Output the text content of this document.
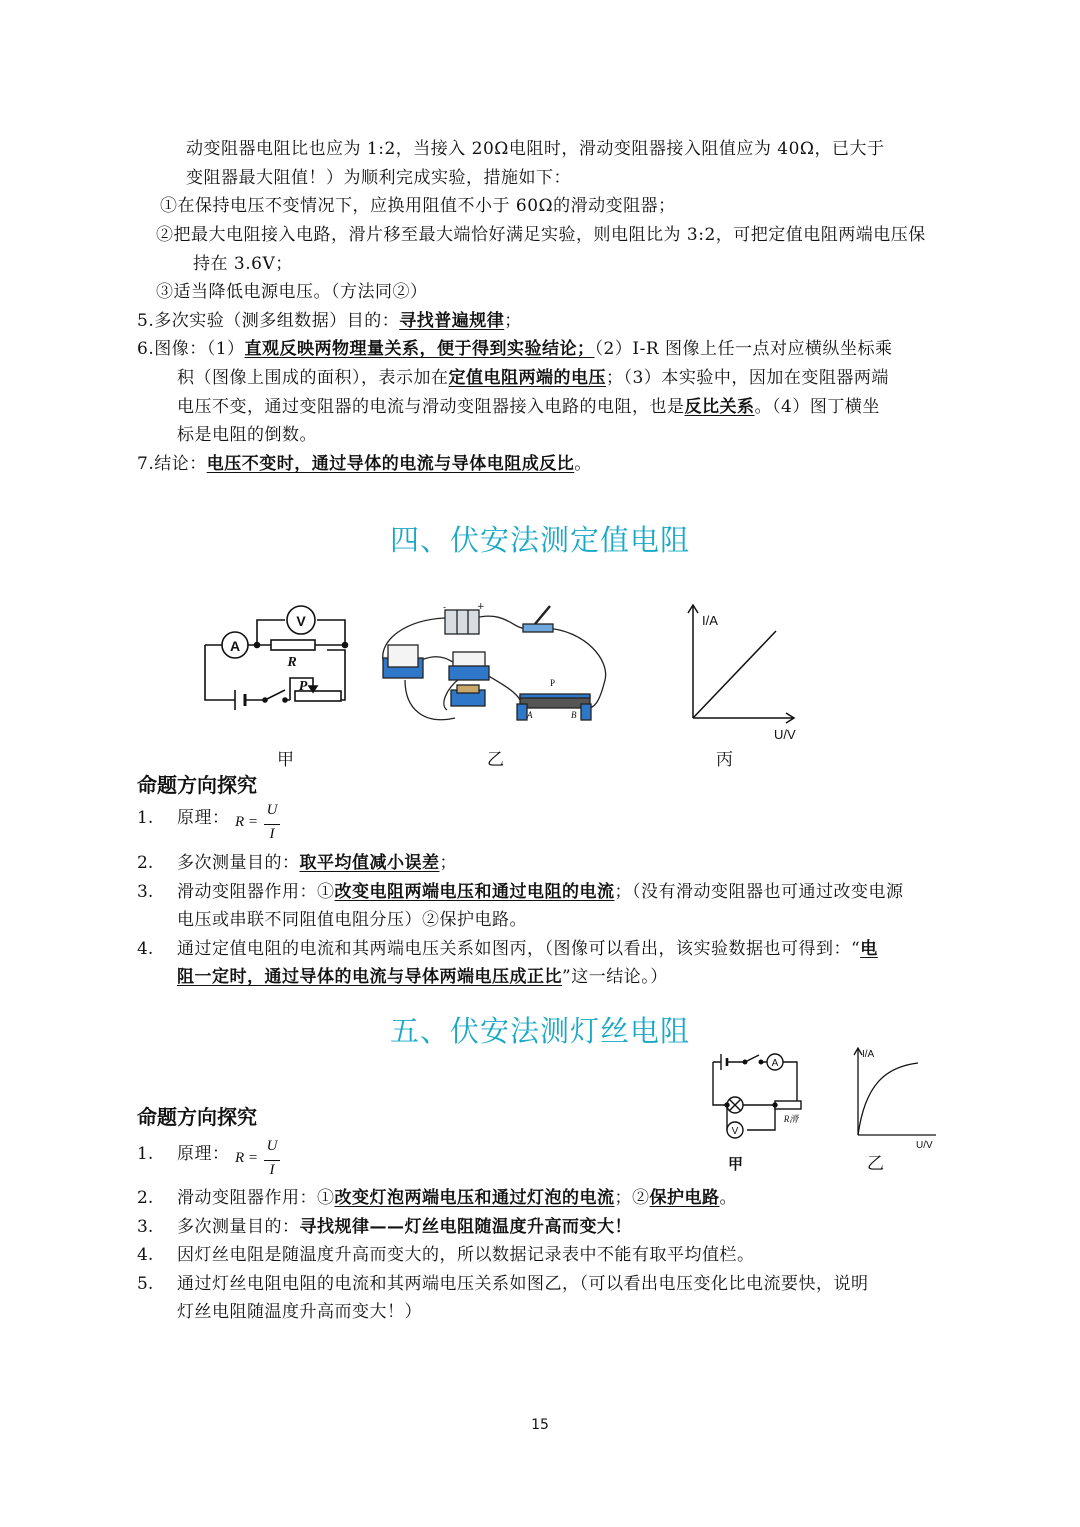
动变阻器电阻比也应为 1:2，当接入 20Ω电阻时，滑动变阻器接入阻值应为 40Ω，已大于
变阻器最大阻值！）为顺利完成实验，措施如下：
①在保持电压不变情况下，应换用阻值不小于 60Ω的滑动变阻器；
②把最大电阻接入电路，滑片移至最大端恰好满足实验，则电阻比为 3:2，可把定值电阻两端电压保
持在 3.6V；
③适当降低电源电压。（方法同②）
5.多次实验（测多组数据）目的：寻找普遍规律；
6.图像：（1）直观反映两物理量关系，便于得到实验结论；（2）I-R 图像上任一点对应横纵坐标乘
积（图像上围成的面积），表示加在定值电阻两端的电压；（3）本实验中，因加在变阻器两端
电压不变，通过变阻器的电流与滑动变阻器接入电路的电阻，也是反比关系。（4）图丁横坐
标是电阻的倒数。
7.结论：电压不变时，通过导体的电流与导体电阻成反比。
四、伏安法测定值电阻
A
V
R
P
-	+
P
A	B
I/A
U/V
甲	乙	丙
命题方向探究
1. 原理： R =
U
I
2. 多次测量目的：取平均值减小误差；
3. 滑动变阻器作用：①改变电阻两端电压和通过电阻的电流；（没有滑动变阻器也可通过改变电源
电压或串联不同阻值电阻分压）②保护电路。
4. 通过定值电阻的电流和其两端电压关系如图丙，（图像可以看出，该实验数据也可得到：“电
阻一定时，通过导体的电流与导体两端电压成正比”这一结论。）
五、伏安法测灯丝电阻
A
V
R滑
I/A
U/V
甲	乙
命题方向探究
1. 原理： R =
U
I
2. 滑动变阻器作用：①改变灯泡两端电压和通过灯泡的电流；②保护电路。
3. 多次测量目的：寻找规律——灯丝电阻随温度升高而变大！
4. 因灯丝电阻是随温度升高而变大的，所以数据记录表中不能有取平均值栏。
5. 通过灯丝电阻电阻的电流和其两端电压关系如图乙，（可以看出电压变化比电流要快，说明
灯丝电阻随温度升高而变大！）
15
